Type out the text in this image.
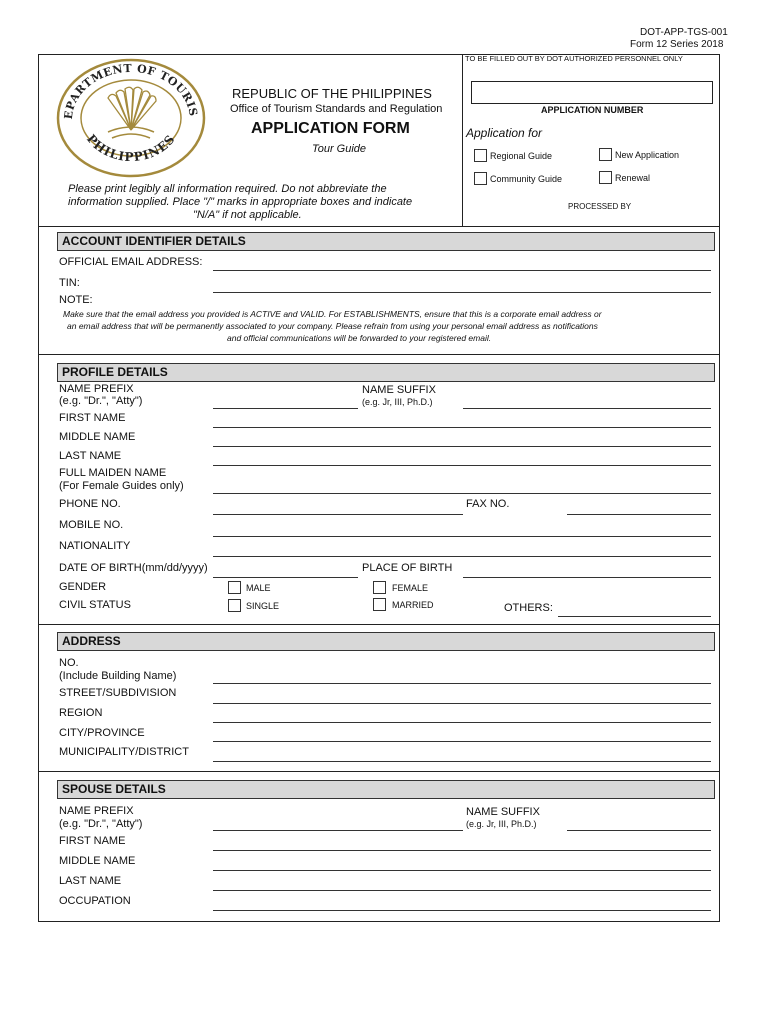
DOT-APP-TGS-001
Form 12 Series 2018
EPARTMENT OF TOURIS
PHILIPPINES
REPUBLIC OF THE PHILIPPINES
Office of Tourism Standards and Regulation
APPLICATION FORM
Tour Guide
Please print legibly all information required. Do not abbreviate the
information supplied. Place "/" marks in appropriate boxes and indicate
"N/A" if not applicable.
TO BE FILLED OUT BY DOT AUTHORIZED PERSONNEL ONLY
APPLICATION NUMBER
Application for
Regional Guide	New Application
Community Guide	Renewal
PROCESSED BY
ACCOUNT IDENTIFIER DETAILS
OFFICIAL EMAIL ADDRESS:
TIN:
NOTE:
Make sure that the email address you provided is ACTIVE and VALID. For ESTABLISHMENTS, ensure that this is a corporate email address or
an email address that will be permanently associated to your company. Please refrain from using your personal email address as notifications
and official communications will be forwarded to your registered email.
PROFILE DETAILS
NAME PREFIX
(e.g. "Dr.", "Atty")
NAME SUFFIX
(e.g. Jr, III, Ph.D.)
FIRST NAME
MIDDLE NAME
LAST NAME
FULL MAIDEN NAME
(For Female Guides only)
PHONE NO.	FAX NO.
MOBILE NO.
NATIONALITY
DATE OF BIRTH(mm/dd/yyyy)	PLACE OF BIRTH
GENDER	MALE	FEMALE
CIVIL STATUS	SINGLE	MARRIED	OTHERS:
ADDRESS
NO.
(Include Building Name)
STREET/SUBDIVISION
REGION
CITY/PROVINCE
MUNICIPALITY/DISTRICT
SPOUSE DETAILS
NAME PREFIX
(e.g. "Dr.", "Atty")
NAME SUFFIX
(e.g. Jr, III, Ph.D.)
FIRST NAME
MIDDLE NAME
LAST NAME
OCCUPATION
